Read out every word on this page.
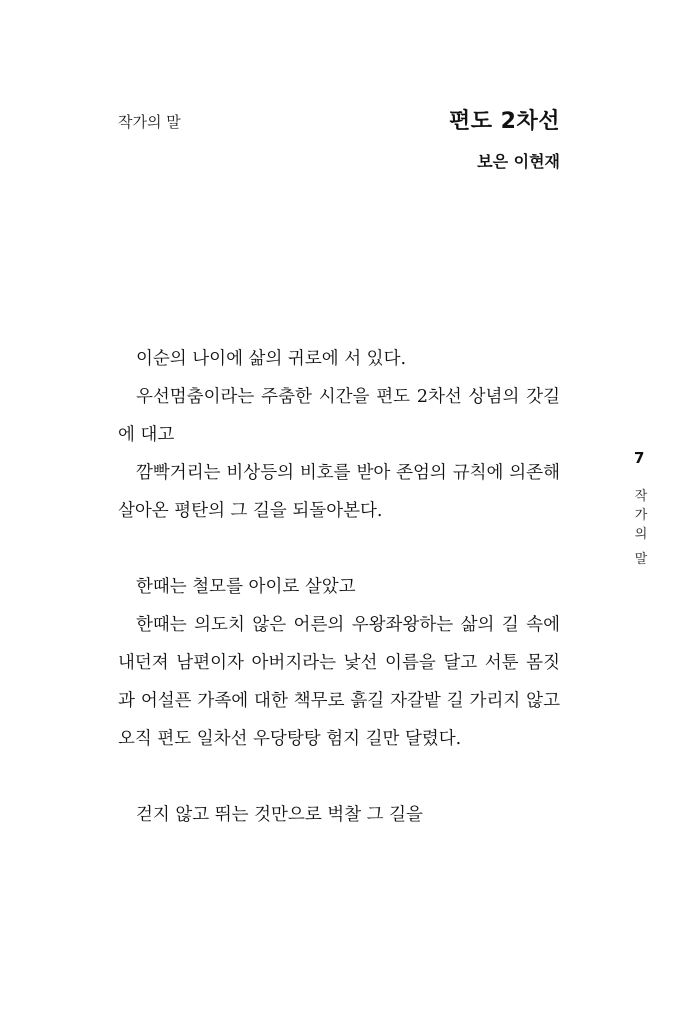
작가의 말	편도 2차선
보은 이현재

이순의 나이에 삶의 귀로에 서 있다.

우선멈춤이라는 주춤한 시간을 편도 2차선 상념의 갓길에 대고

깜빡거리는 비상등의 비호를 받아 존엄의 규칙에 의존해 살아온 평탄의 그 길을 되돌아본다.

한때는 철모를 아이로 살았고

한때는 의도치 않은 어른의 우왕좌왕하는 삶의 길 속에 내던져 남편이자 아버지라는 낯선 이름을 달고 서툰 몸짓과 어설픈 가족에 대한 책무로 흙길 자갈밭 길 가리지 않고 오직 편도 일차선 우당탕탕 험지 길만 달렸다.

걷지 않고 뛰는 것만으로 벅찰 그 길을

7
작
가
의
말
